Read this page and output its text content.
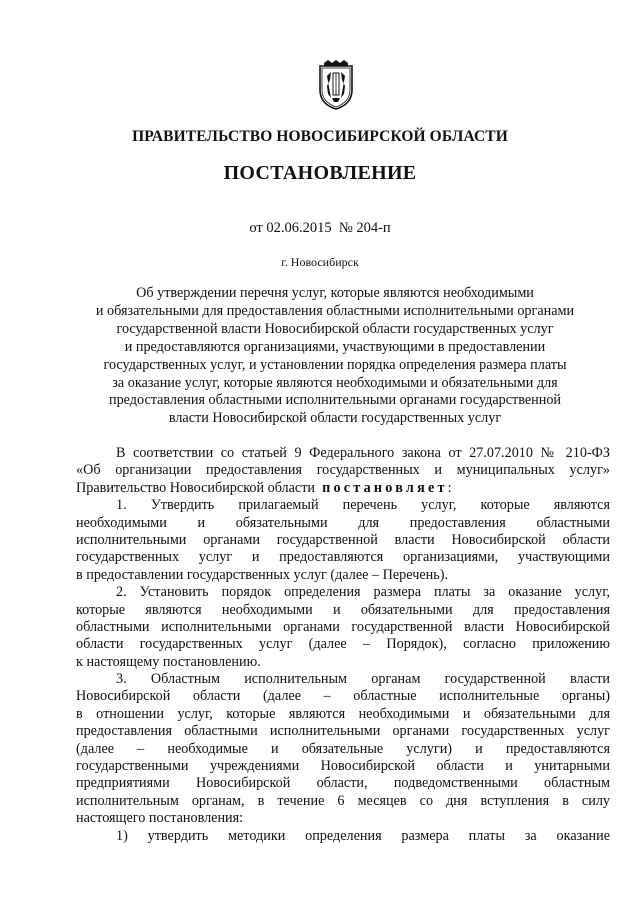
ПРАВИТЕЛЬСТВО НОВОСИБИРСКОЙ ОБЛАСТИ
ПОСТАНОВЛЕНИЕ
от 02.06.2015 № 204-п
г. Новосибирск
Об утверждении перечня услуг, которые являются необходимыми
и обязательными для предоставления областными исполнительными органами
государственной власти Новосибирской области государственных услуг
и предоставляются организациями, участвующими в предоставлении
государственных услуг, и установлении порядка определения размера платы
за оказание услуг, которые являются необходимыми и обязательными для
предоставления областными исполнительными органами государственной
власти Новосибирской области государственных услуг
В соответствии со статьей 9 Федерального закона от 27.07.2010 № 210-ФЗ
«Об организации предоставления государственных и муниципальных услуг»
Правительство Новосибирской области постановляет:
1. Утвердить прилагаемый перечень услуг, которые являются
необходимыми и обязательными для предоставления областными
исполнительными органами государственной власти Новосибирской области
государственных услуг и предоставляются организациями, участвующими
в предоставлении государственных услуг (далее – Перечень).
2. Установить порядок определения размера платы за оказание услуг,
которые являются необходимыми и обязательными для предоставления
областными исполнительными органами государственной власти Новосибирской
области государственных услуг (далее – Порядок), согласно приложению
к настоящему постановлению.
3. Областным исполнительным органам государственной власти
Новосибирской области (далее – областные исполнительные органы)
в отношении услуг, которые являются необходимыми и обязательными для
предоставления областными исполнительными органами государственных услуг
(далее – необходимые и обязательные услуги) и предоставляются
государственными учреждениями Новосибирской области и унитарными
предприятиями Новосибирской области, подведомственными областным
исполнительным органам, в течение 6 месяцев со дня вступления в силу
настоящего постановления:
1) утвердить методики определения размера платы за оказание
